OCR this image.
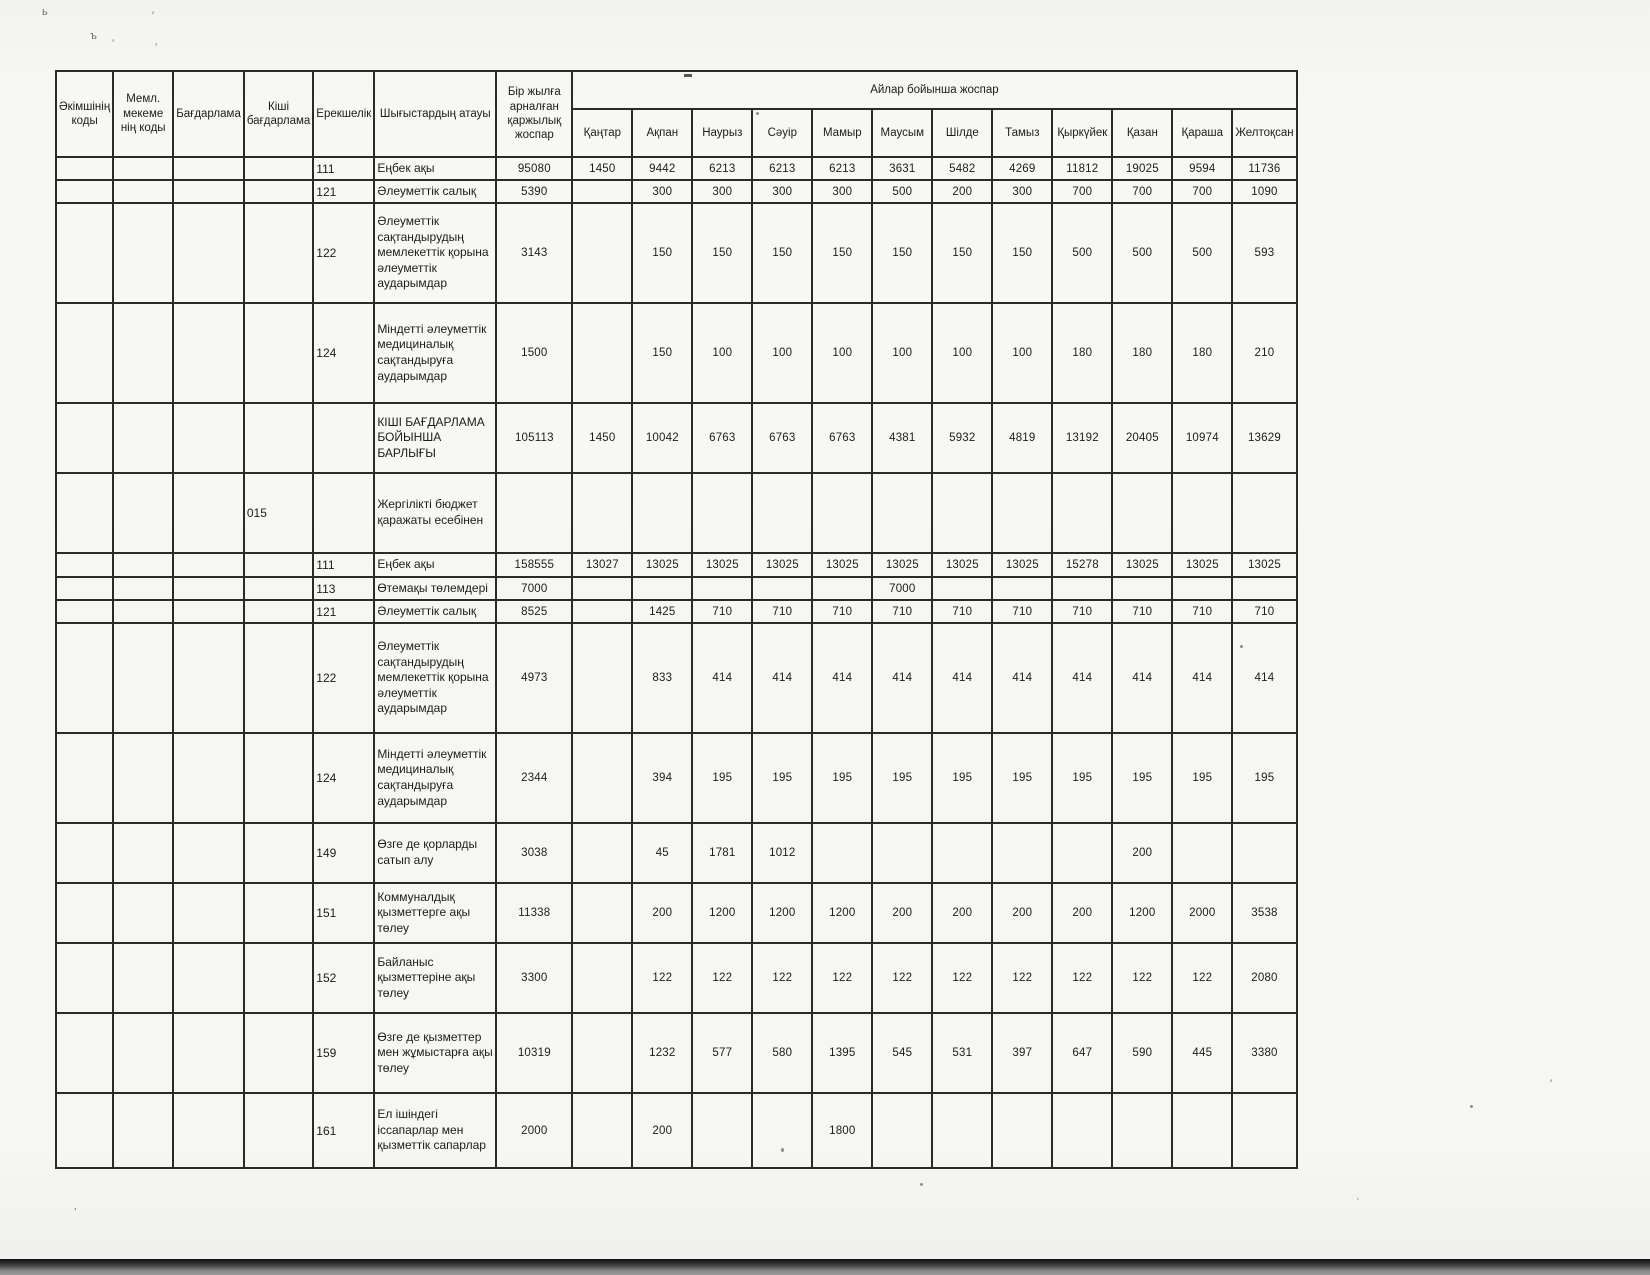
ь
ъ
ʻ
′
ʻ
‚
·
′
Әкімшінің коды	Мемл. мекеме нің коды	Бағдарлама	Кіші бағдарлама	Ерекшелік	Шығыстардың атауы	Бір жылға арналған қаржылық жоспар	Айлар бойынша жоспар											
							Қаңтар	Ақпан	Наурыз	Сәуір	Мамыр	Маусым	Шілде	Тамыз	Қыркүйек	Қазан	Қараша	Желтоқсан
				111	Еңбек ақы	95080	1450	9442	6213	6213	6213	3631	5482	4269	11812	19025	9594	11736
				121	Әлеуметтік салық	5390		300	300	300	300	500	200	300	700	700	700	1090
				122	Әлеуметтік сақтандырудың мемлекеттік қорына әлеуметтік аударымдар	3143		150	150	150	150	150	150	150	500	500	500	593
				124	Міндетті әлеуметтік медициналық сақтандыруға аударымдар	1500		150	100	100	100	100	100	100	180	180	180	210
					КІШІ БАҒДАРЛАМА БОЙЫНША БАРЛЫҒЫ	105113	1450	10042	6763	6763	6763	4381	5932	4819	13192	20405	10974	13629
			015		Жергілікті бюджет қаражаты есебінен													
				111	Еңбек ақы	158555	13027	13025	13025	13025	13025	13025	13025	13025	15278	13025	13025	13025
				113	Өтемақы төлемдері	7000						7000						
				121	Әлеуметтік салық	8525		1425	710	710	710	710	710	710	710	710	710	710
				122	Әлеуметтік сақтандырудың мемлекеттік қорына әлеуметтік аударымдар	4973		833	414	414	414	414	414	414	414	414	414	414
				124	Міндетті әлеуметтік медициналық сақтандыруға аударымдар	2344		394	195	195	195	195	195	195	195	195	195	195
				149	Өзге де қорларды сатып алу	3038		45	1781	1012						200		
				151	Коммуналдық қызметтерге ақы төлеу	11338		200	1200	1200	1200	200	200	200	200	1200	2000	3538
				152	Байланыс қызметтеріне ақы төлеу	3300		122	122	122	122	122	122	122	122	122	122	2080
				159	Өзге де қызметтер мен жұмыстарға ақы төлеу	10319		1232	577	580	1395	545	531	397	647	590	445	3380
				161	Ел ішіндегі іссапарлар мен қызметтік сапарлар	2000		200			1800							
